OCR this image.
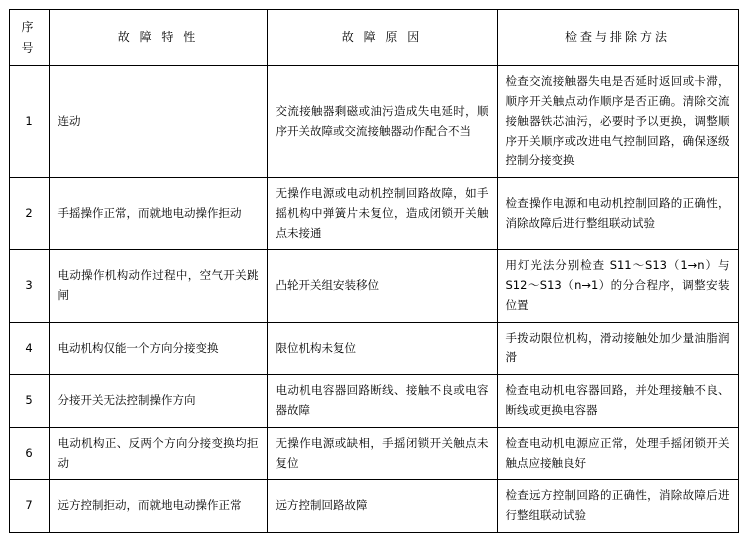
序 号	故 障 特 性	故 障 原 因	检查与排除方法
1	连动	交流接触器剩磁或油污造成失电延时，顺序开关故障或交流接触器动作配合不当	检查交流接触器失电是否延时返回或卡滞，顺序开关触点动作顺序是否正确。清除交流接触器铁芯油污，必要时予以更换，调整顺序开关顺序或改进电气控制回路，确保逐级控制分接变换
2	手摇操作正常，而就地电动操作拒动	无操作电源或电动机控制回路故障，如手摇机构中弹簧片未复位，造成闭锁开关触点未接通	检查操作电源和电动机控制回路的正确性，消除故障后进行整组联动试验
3	电动操作机构动作过程中，空气开关跳闸	凸轮开关组安装移位	用灯光法分别检查 S11～S13（1→n）与 S12～S13（n→1）的分合程序，调整安装位置
4	电动机构仅能一个方向分接变换	限位机构未复位	手拨动限位机构，滑动接触处加少量油脂润滑
5	分接开关无法控制操作方向	电动机电容器回路断线、接触不良或电容器故障	检查电动机电容器回路，并处理接触不良、断线或更换电容器
6	电动机构正、反两个方向分接变换均拒动	无操作电源或缺相，手摇闭锁开关触点未复位	检查电动机电源应正常，处理手摇闭锁开关触点应接触良好
7	远方控制拒动，而就地电动操作正常	远方控制回路故障	检查远方控制回路的正确性，消除故障后进行整组联动试验
